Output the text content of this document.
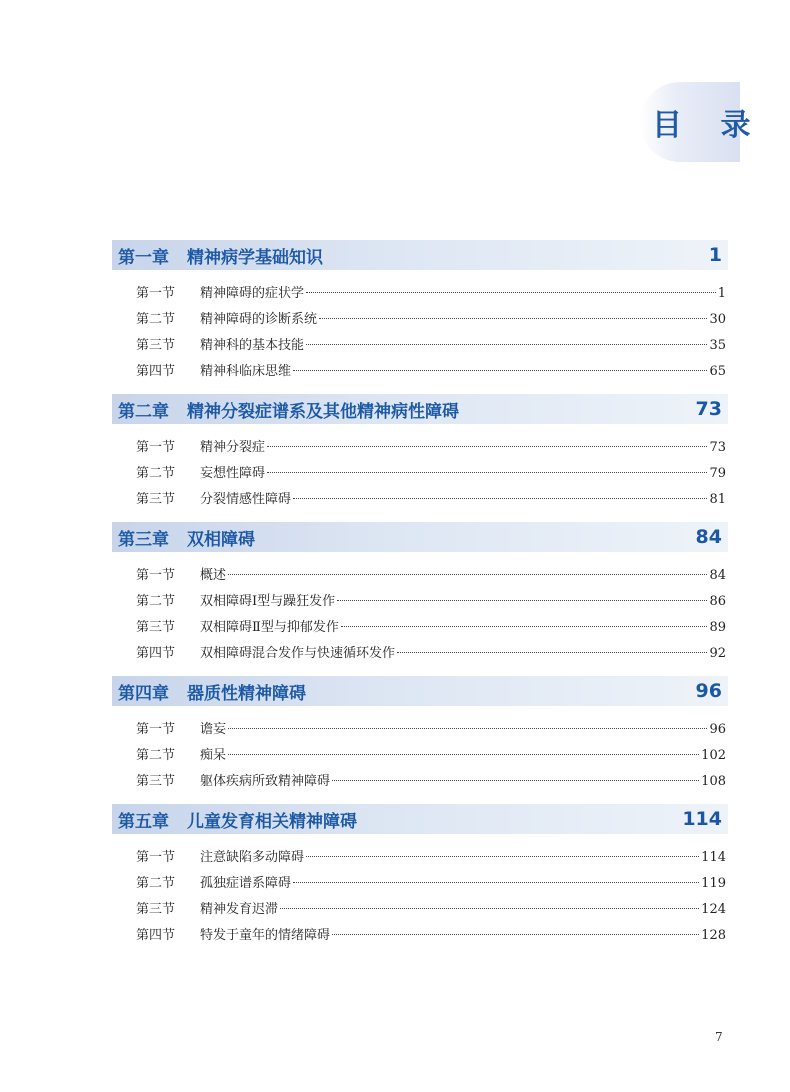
目 录
第一章 精神病学基础知识	1
第一节	精神障碍的症状学	1
第二节	精神障碍的诊断系统	30
第三节	精神科的基本技能	35
第四节	精神科临床思维	65
第二章 精神分裂症谱系及其他精神病性障碍	73
第一节	精神分裂症	73
第二节	妄想性障碍	79
第三节	分裂情感性障碍	81
第三章 双相障碍	84
第一节	概述	84
第二节	双相障碍Ⅰ型与躁狂发作	86
第三节	双相障碍Ⅱ型与抑郁发作	89
第四节	双相障碍混合发作与快速循环发作	92
第四章 器质性精神障碍	96
第一节	谵妄	96
第二节	痴呆	102
第三节	躯体疾病所致精神障碍	108
第五章 儿童发育相关精神障碍	114
第一节	注意缺陷多动障碍	114
第二节	孤独症谱系障碍	119
第三节	精神发育迟滞	124
第四节	特发于童年的情绪障碍	128
7
